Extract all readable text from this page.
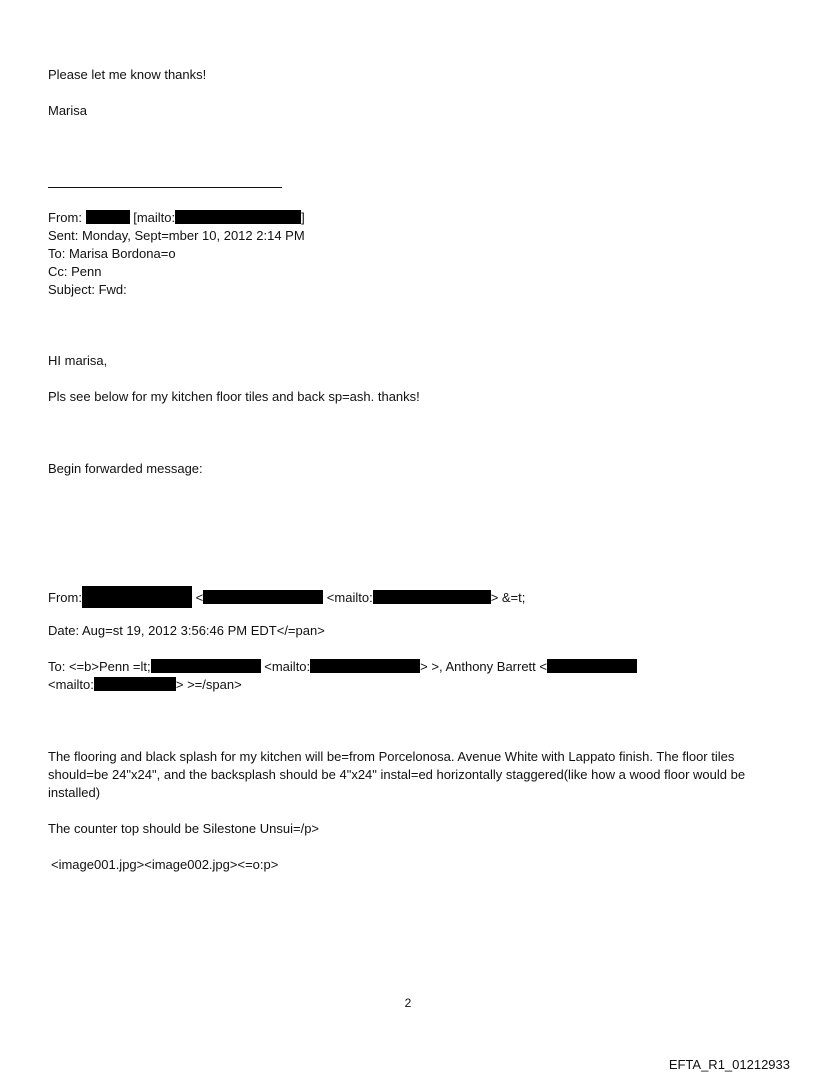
Please let me know thanks!
Marisa
From:	[mailto:	]
Sent: Monday, Sept=mber 10, 2012 2:14 PM
To: Marisa Bordona=o
Cc: Penn
Subject: Fwd:
HI marisa,
Pls see below for my kitchen floor tiles and back sp=ash. thanks!
Begin forwarded message:
From:	<	<mailto:	> &=t;
Date: Aug=st 19, 2012 3:56:46 PM EDT</=pan>
To: <=b>Penn =lt;	<mailto:	> >, Anthony Barrett <
<mailto:	> >=/span>
The flooring and black splash for my kitchen will be=from Porcelonosa. Avenue White with Lappato finish. The floor tiles should=be 24"x24", and the backsplash should be 4"x24" instal=ed horizontally staggered(like how a wood floor would be installed)
The counter top should be Silestone Unsui=/p>
<image001.jpg><image002.jpg><=o:p>
2
EFTA_R1_01212933
